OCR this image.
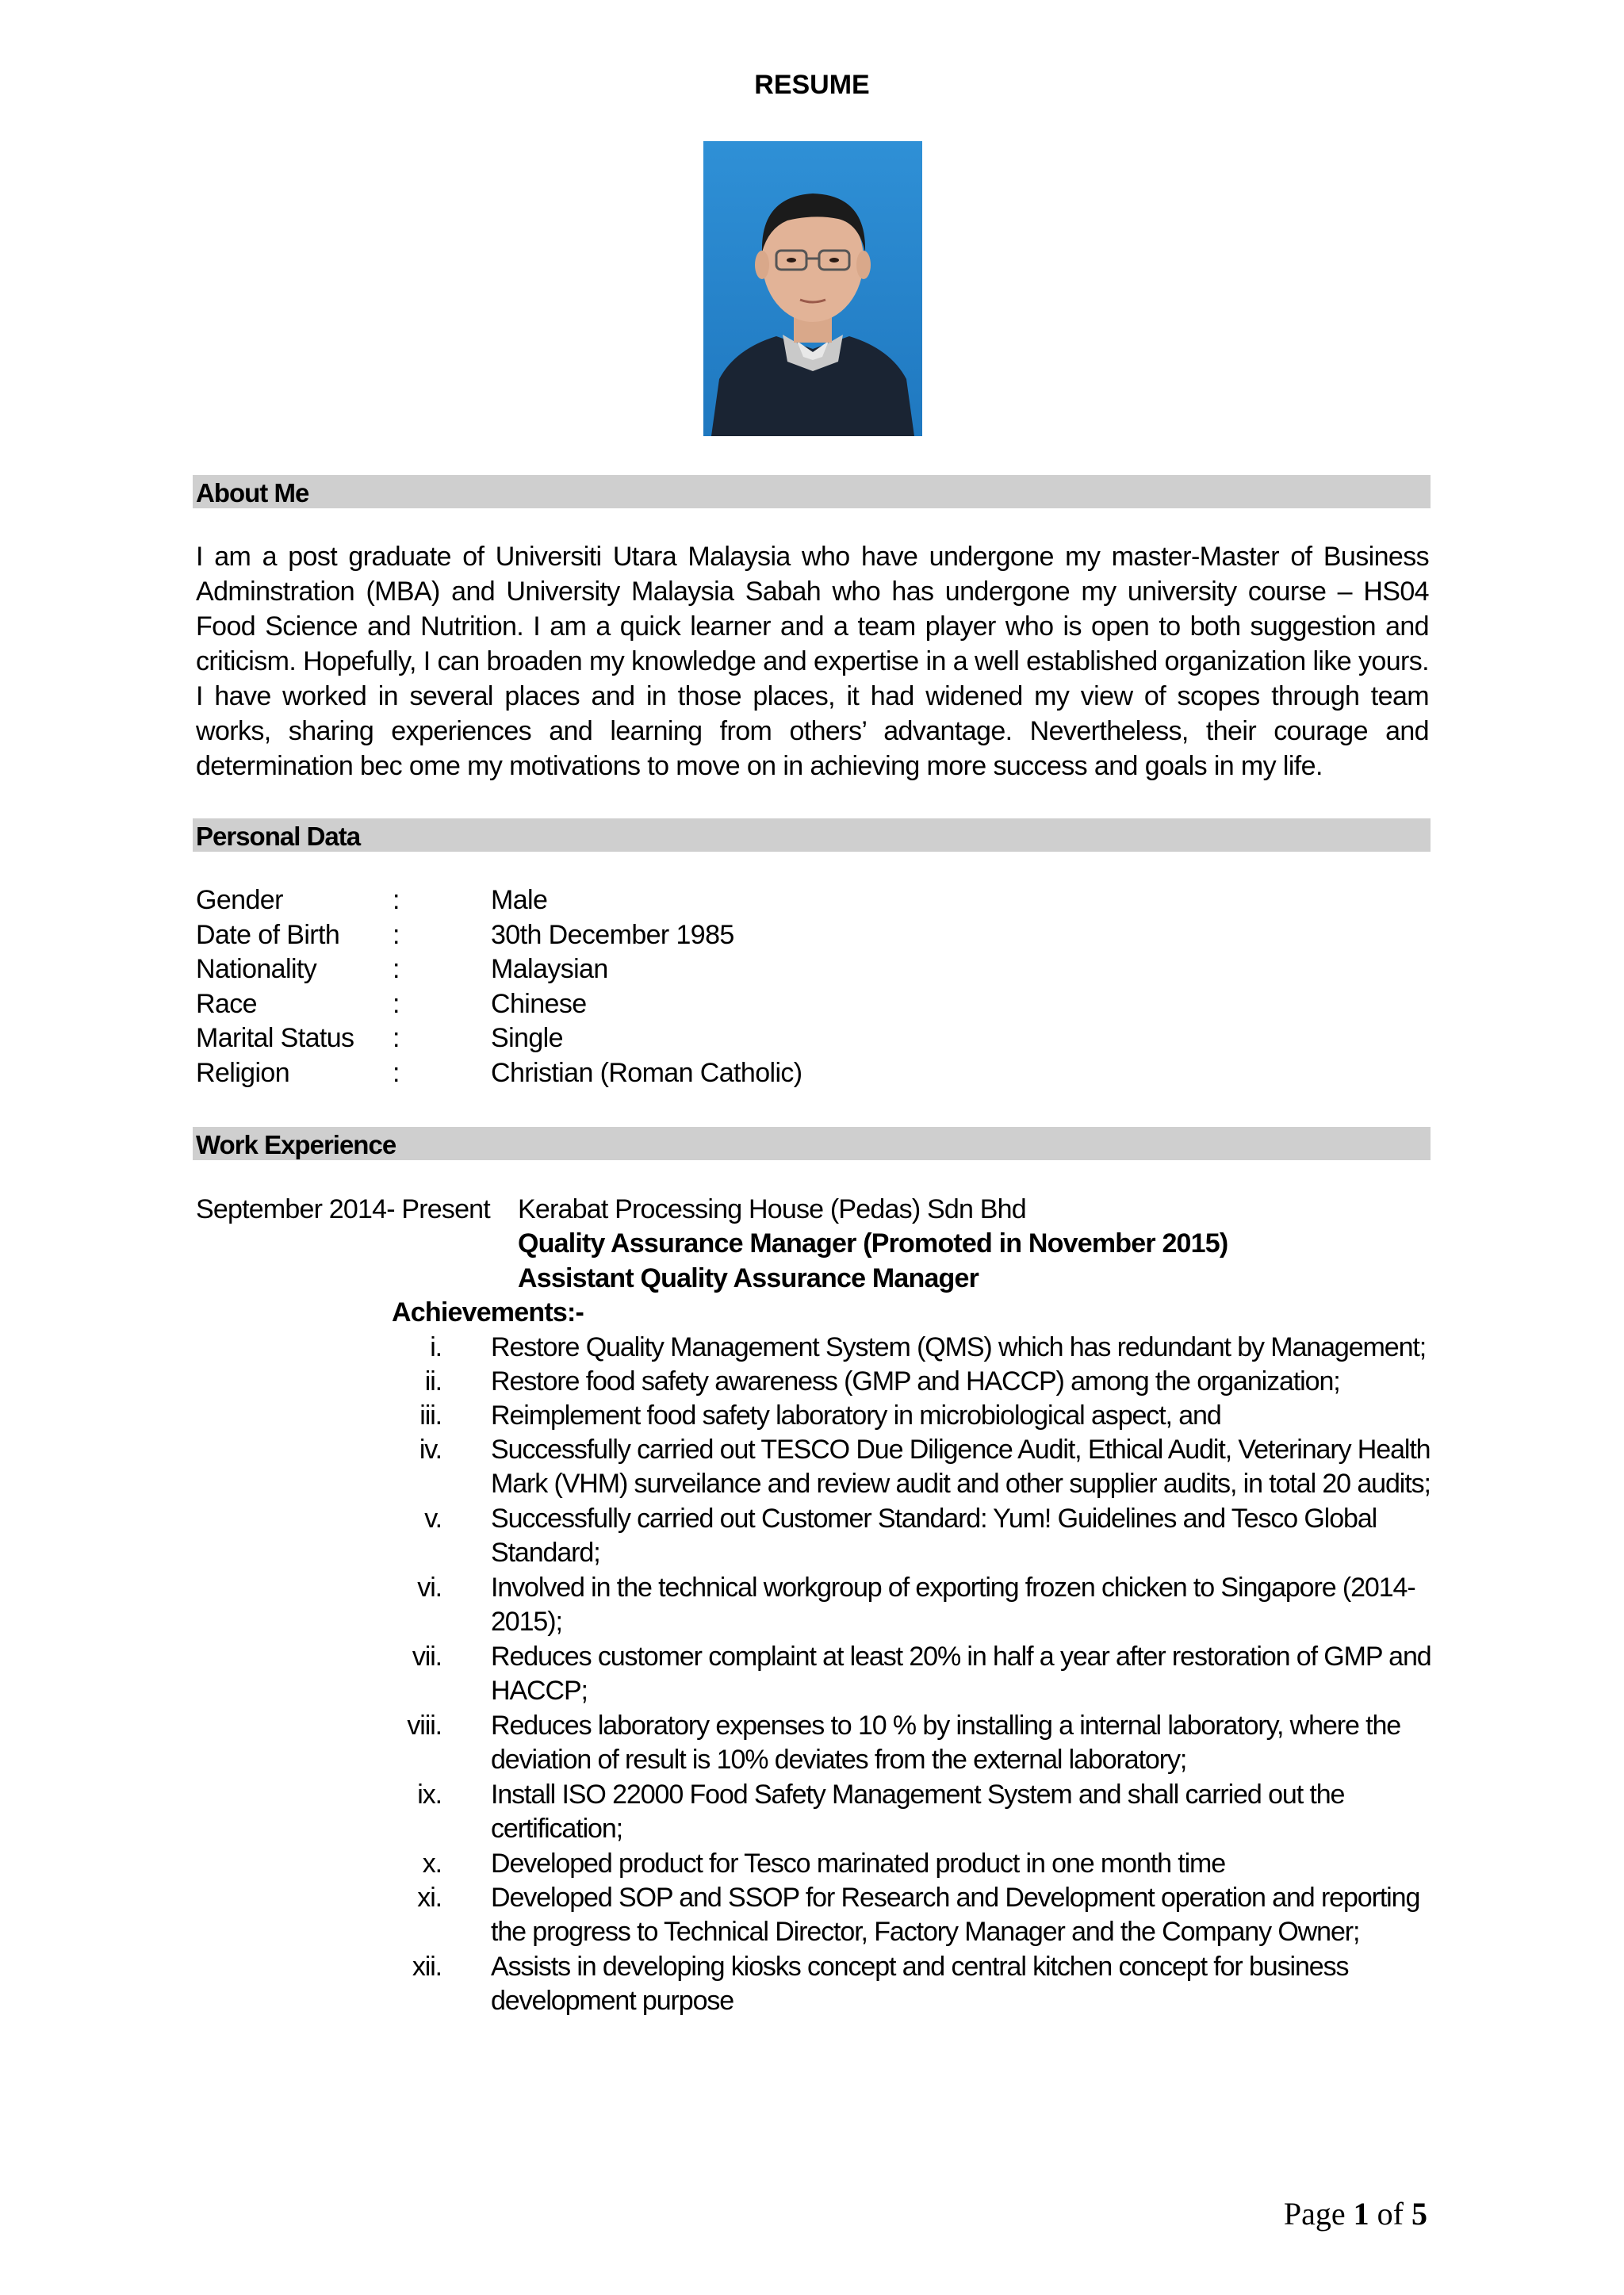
RESUME
About Me
I am a post graduate of Universiti Utara Malaysia who have undergone my master-Master of Business Adminstration (MBA) and University Malaysia Sabah who has undergone my university course – HS04 Food Science and Nutrition. I am a quick learner and a team player who is open to both suggestion and criticism. Hopefully, I can broaden my knowledge and expertise in a well established organization like yours. I have worked in several places and in those places, it had widened my view of scopes through team works, sharing experiences and learning from others’ advantage. Nevertheless, their courage and determination bec ome my motivations to move on in achieving more success and goals in my life.
Personal Data
Gender	:	Male
Date of Birth :	30th December 1985
Nationality	:	Malaysian
Race	:	Chinese
Marital Status :	Single
Religion	:	Christian (Roman Catholic)
Work Experience
September 2014- Present Kerabat Processing House (Pedas) Sdn Bhd
Quality Assurance Manager (Promoted in November 2015)
Assistant Quality Assurance Manager
Achievements:-
i. Restore Quality Management System (QMS) which has redundant by Management;
ii. Restore food safety awareness (GMP and HACCP) among the organization;
iii. Reimplement food safety laboratory in microbiological aspect, and
iv. Successfully carried out TESCO Due Diligence Audit, Ethical Audit, Veterinary Health Mark (VHM) surveilance and review audit and other supplier audits, in total 20 audits;
v. Successfully carried out Customer Standard: Yum! Guidelines and Tesco Global Standard;
vi. Involved in the technical workgroup of exporting frozen chicken to Singapore (2014-2015);
vii. Reduces customer complaint at least 20% in half a year after restoration of GMP and HACCP;
viii. Reduces laboratory expenses to 10 % by installing a internal laboratory, where the deviation of result is 10% deviates from the external laboratory;
ix. Install ISO 22000 Food Safety Management System and shall carried out the certification;
x. Developed product for Tesco marinated product in one month time
xi. Developed SOP and SSOP for Research and Development operation and reporting the progress to Technical Director, Factory Manager and the Company Owner;
xii. Assists in developing kiosks concept and central kitchen concept for business development purpose
Page 1 of 5
